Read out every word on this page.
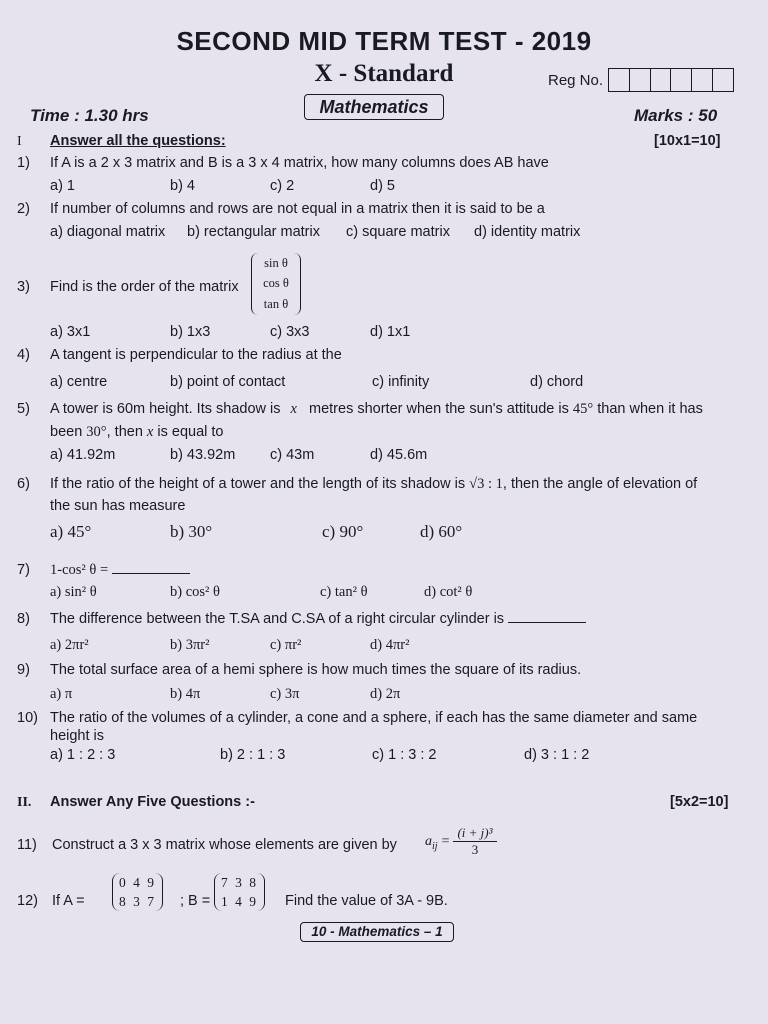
SECOND MID TERM TEST - 2019
X - Standard	Reg No.
Mathematics
Time : 1.30 hrs	Marks : 50
I Answer all the questions:	[10x1=10]
1) If A is a 2 x 3 matrix and B is a 3 x 4 matrix, how many columns does AB have
a) 1	b) 4	c) 2	d) 5
2) If number of columns and rows are not equal in a matrix then it is said to be a
a) diagonal matrix b) rectangular matrix c) square matrix d) identity matrix
3) Find is the order of the matrix
sin θ
cos θ
tan θ
a) 3x1	b) 1x3	c) 3x3	d) 1x1
4) A tangent is perpendicular to the radius at the
a) centre	b) point of contact	c) infinity	d) chord
5) A tower is 60m height. Its shadow is x metres shorter when the sun's attitude is 45° than when it has
been 30°, then x is equal to
a) 41.92m	b) 43.92m c) 43m	d) 45.6m
6) If the ratio of the height of a tower and the length of its shadow is √3 : 1, then the angle of elevation of
the sun has measure
a) 45°	b) 30°	c) 90°	d) 60°
7) 1-cos² θ =
a) sin² θ	b) cos² θ	c) tan² θ	d) cot² θ
8) The difference between the T.SA and C.SA of a right circular cylinder is
a) 2πr²	b) 3πr²	c) πr²	d) 4πr²
9) The total surface area of a hemi sphere is how much times the square of its radius.
a) π	b) 4π	c) 3π	d) 2π
10) The ratio of the volumes of a cylinder, a cone and a sphere, if each has the same diameter and same
height is
a) 1 : 2 : 3	b) 2 : 1 : 3	c) 1 : 3 : 2	d) 3 : 1 : 2
II. Answer Any Five Questions :-	[5x2=10]
11) Construct a 3 x 3 matrix whose elements are given by a ij = $\frac{\text{(i + j)³}}{3}$
12) If A =
0 4 9
8 3 7 ; B =
7 3 8
1 4 9 Find the value of 3A - 9B.
10 - Mathematics – 1
